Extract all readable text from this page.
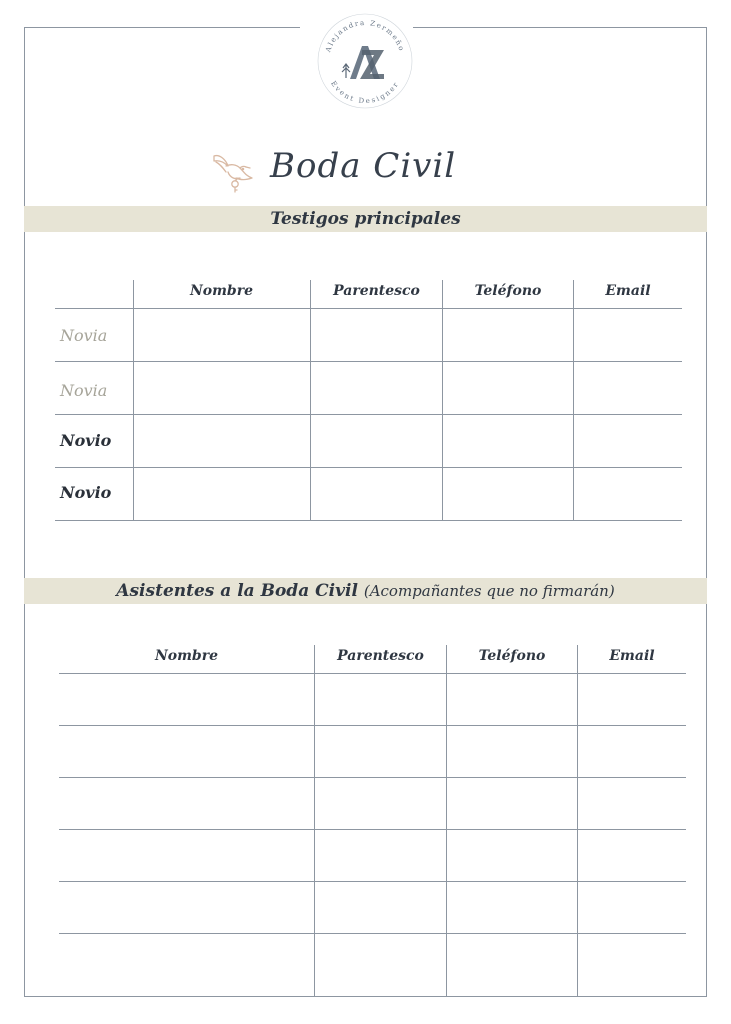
Alejandra Zermeño
Event Designer
AZ
Boda Civil
Testigos principales
Nombre	Parentesco	Teléfono	Email
Novia
Novia
Novio
Novio
Asistentes a la Boda Civil (Acompañantes que no firmarán)
Nombre	Parentesco	Teléfono	Email
